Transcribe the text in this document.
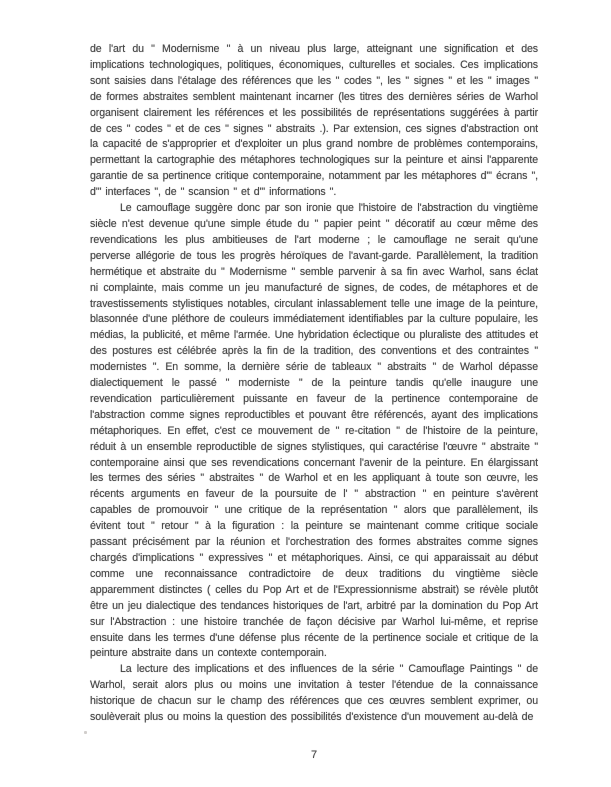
de l'art du " Modernisme " à un niveau plus large, atteignant une signification et des implications technologiques, politiques, économiques, culturelles et sociales. Ces implications sont saisies dans l'étalage des références que les " codes ", les " signes " et les " images " de formes abstraites semblent maintenant incarner (les titres des dernières séries de Warhol organisent clairement les références et les possibilités de représentations suggérées à partir de ces " codes " et de ces " signes " abstraits .). Par extension, ces signes d'abstraction ont la capacité de s'approprier et d'exploiter un plus grand nombre de problèmes contemporains, permettant la cartographie des métaphores technologiques sur la peinture et ainsi l'apparente garantie de sa pertinence critique contemporaine, notamment par les métaphores d'" écrans ", d'" interfaces ", de " scansion " et d'" informations ".

Le camouflage suggère donc par son ironie que l'histoire de l'abstraction du vingtième siècle n'est devenue qu'une simple étude du " papier peint " décoratif au cœur même des revendications les plus ambitieuses de l'art moderne ; le camouflage ne serait qu'une perverse allégorie de tous les progrès héroïques de l'avant-garde. Parallèlement, la tradition hermétique et abstraite du " Modernisme " semble parvenir à sa fin avec Warhol, sans éclat ni complainte, mais comme un jeu manufacturé de signes, de codes, de métaphores et de travestissements stylistiques notables, circulant inlassablement telle une image de la peinture, blasonnée d'une pléthore de couleurs immédiatement identifiables par la culture populaire, les médias, la publicité, et même l'armée. Une hybridation éclectique ou pluraliste des attitudes et des postures est célébrée après la fin de la tradition, des conventions et des contraintes " modernistes ". En somme, la dernière série de tableaux " abstraits " de Warhol dépasse dialectiquement le passé " moderniste " de la peinture tandis qu'elle inaugure une revendication particulièrement puissante en faveur de la pertinence contemporaine de l'abstraction comme signes reproductibles et pouvant être référencés, ayant des implications métaphoriques. En effet, c'est ce mouvement de " re-citation " de l'histoire de la peinture, réduit à un ensemble reproductible de signes stylistiques, qui caractérise l'œuvre " abstraite " contemporaine ainsi que ses revendications concernant l'avenir de la peinture. En élargissant les termes des séries " abstraites " de Warhol et en les appliquant à toute son œuvre, les récents arguments en faveur de la poursuite de l' " abstraction " en peinture s'avèrent capables de promouvoir " une critique de la représentation " alors que parallèlement, ils évitent tout " retour " à la figuration : la peinture se maintenant comme critique sociale passant précisément par la réunion et l'orchestration des formes abstraites comme signes chargés d'implications " expressives " et métaphoriques. Ainsi, ce qui apparaissait au début comme une reconnaissance contradictoire de deux traditions du vingtième siècle apparemment distinctes ( celles du Pop Art et de l'Expressionnisme abstrait) se révèle plutôt être un jeu dialectique des tendances historiques de l'art, arbitré par la domination du Pop Art sur l'Abstraction : une histoire tranchée de façon décisive par Warhol lui-même, et reprise ensuite dans les termes d'une défense plus récente de la pertinence sociale et critique de la peinture abstraite dans un contexte contemporain.

La lecture des implications et des influences de la série " Camouflage Paintings " de Warhol, serait alors plus ou moins une invitation à tester l'étendue de la connaissance historique de chacun sur le champ des références que ces œuvres semblent exprimer, ou soulèverait plus ou moins la question des possibilités d'existence d'un mouvement au-delà de

7
